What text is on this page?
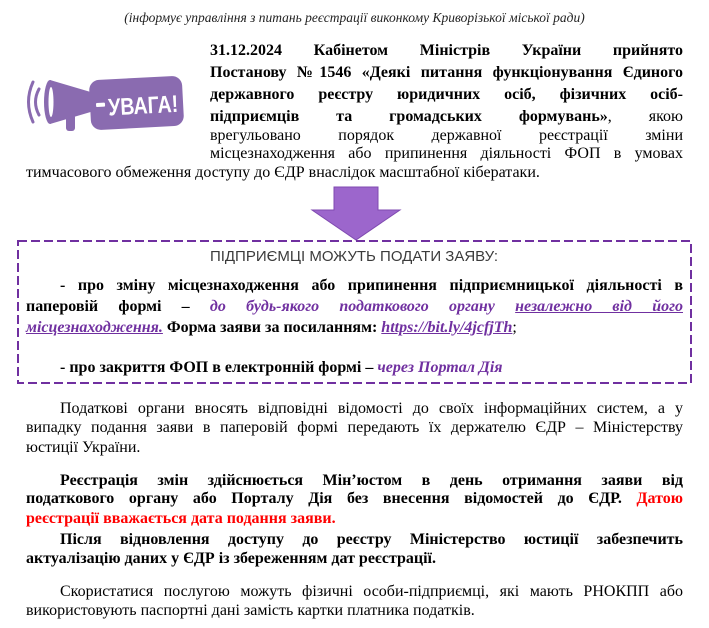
(інформує управління з питань реєстрації виконкому Криворізької міської ради)
УВАГА!
31.12.2024 Кабінетом Міністрів України прийнято
Постанову №1546 «Деякі питання функціонування Єдиного
державного реєстру юридичних осіб, фізичних осіб-
підприємців та громадських формувань», якою
врегульовано порядок державної реєстрації зміни
місцезнаходження або припинення діяльності ФОП в умовах
тимчасового обмеження доступу до ЄДР внаслідок масштабної кібератаки.
ПІДПРИЄМЦІ МОЖУТЬ ПОДАТИ ЗАЯВУ:
- про зміну місцезнаходження або припинення підприємницької діяльності в
паперовій формі – до будь-якого податкового органу незалежно від його
місцезнаходження. Форма заяви за посиланням: https://bit.ly/4jcfjTh;
- про закриття ФОП в електронній формі – через Портал Дія
Податкові органи вносять відповідні відомості до своїх інформаційних систем, а у
випадку подання заяви в паперовій формі передають їх держателю ЄДР – Міністерству
юстиції України.
Реєстрація змін здійснюється Мін’юстом в день отримання заяви від
податкового органу або Порталу Дія без внесення відомостей до ЄДР. Датою
реєстрації вважається дата подання заяви.
Після відновлення доступу до реєстру Міністерство юстиції забезпечить
актуалізацію даних у ЄДР із збереженням дат реєстрації.
Скористатися послугою можуть фізичні особи-підприємці, які мають РНОКПП або
використовують паспортні дані замість картки платника податків.
